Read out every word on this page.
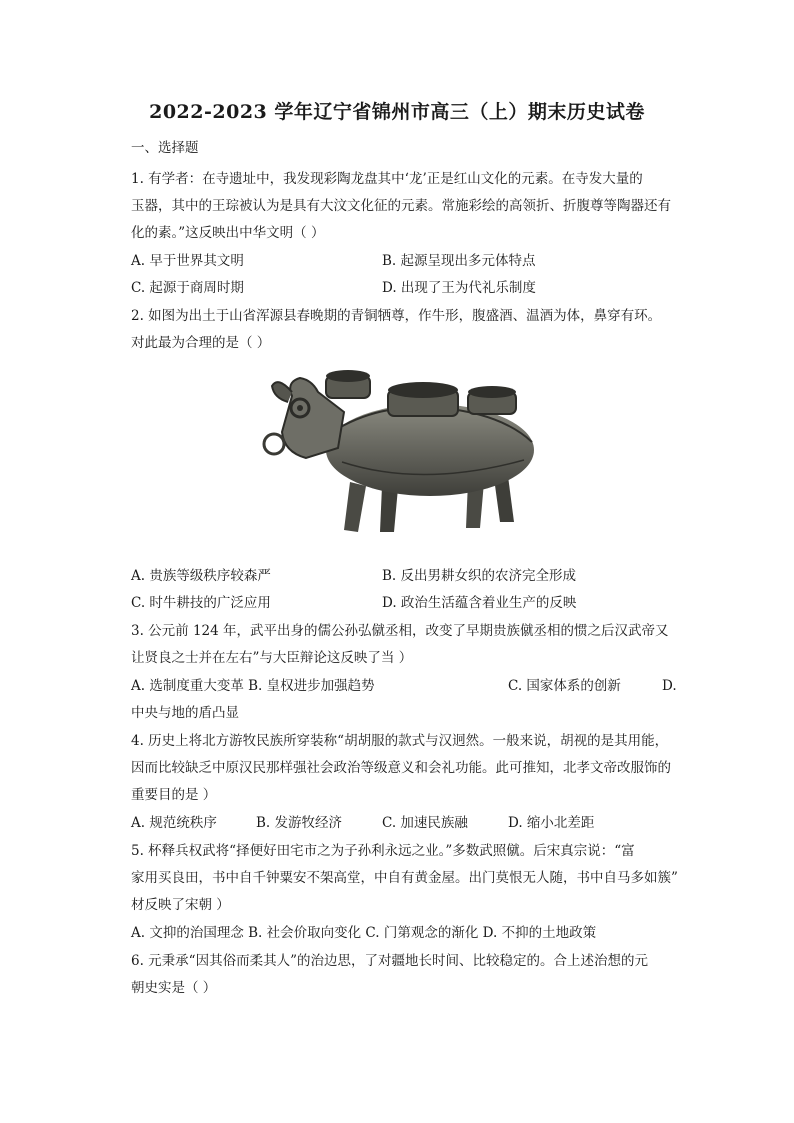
2022-2023 学年辽宁省锦州市高三（上）期末历史试卷
一、选择题
1. 有学者：在寺遗址中，我发现彩陶龙盘其中‘龙’正是红山文化的元素。在寺发大量的
玉器，其中的王琮被认为是具有大汶文化征的元素。常施彩绘的高领折、折腹尊等陶器还有
化的素。”这反映出中华文明（ ）
A. 早于世界其文明	B. 起源呈现出多元体特点
C. 起源于商周时期	D. 出现了王为代礼乐制度
2. 如图为出土于山省浑源县春晚期的青铜牺尊，作牛形，腹盛酒、温酒为体，鼻穿有环。
对此最为合理的是（ ）
A. 贵族等级秩序较森严	B. 反出男耕女织的农济完全形成
C. 时牛耕技的广泛应用	D. 政治生活蕴含着业生产的反映
3. 公元前 124 年，武平出身的儒公孙弘僦丞相，改变了早期贵族僦丞相的惯之后汉武帝又
让贤良之士并在左右”与大臣辩论这反映了当 ）
A. 选制度重大变革 B. 皇权进步加强趋势	C. 国家体系的创新	D.
中央与地的盾凸显
4. 历史上将北方游牧民族所穿装称“胡胡服的款式与汉迥然。一般来说，胡视的是其用能，
因而比较缺乏中原汉民那样强社会政治等级意义和会礼功能。此可推知，北孝文帝改服饰的
重要目的是 ）
A. 规范统秩序	B. 发游牧经济	C. 加速民族融	D. 缩小北差距
5. 杯释兵权武将“择便好田宅市之为子孙利永远之业。”多数武照僦。后宋真宗说：“富
家用买良田，书中自千钟粟安不架高堂，中自有黄金屋。出门莫恨无人随，书中自马多如簇”
材反映了宋朝 ）
A. 文抑的治国理念 B. 社会价取向变化 C. 门第观念的渐化 D. 不抑的土地政策
6. 元秉承“因其俗而柔其人”的治边思，了对疆地长时间、比较稳定的。合上述治想的元
朝史实是（ ）
